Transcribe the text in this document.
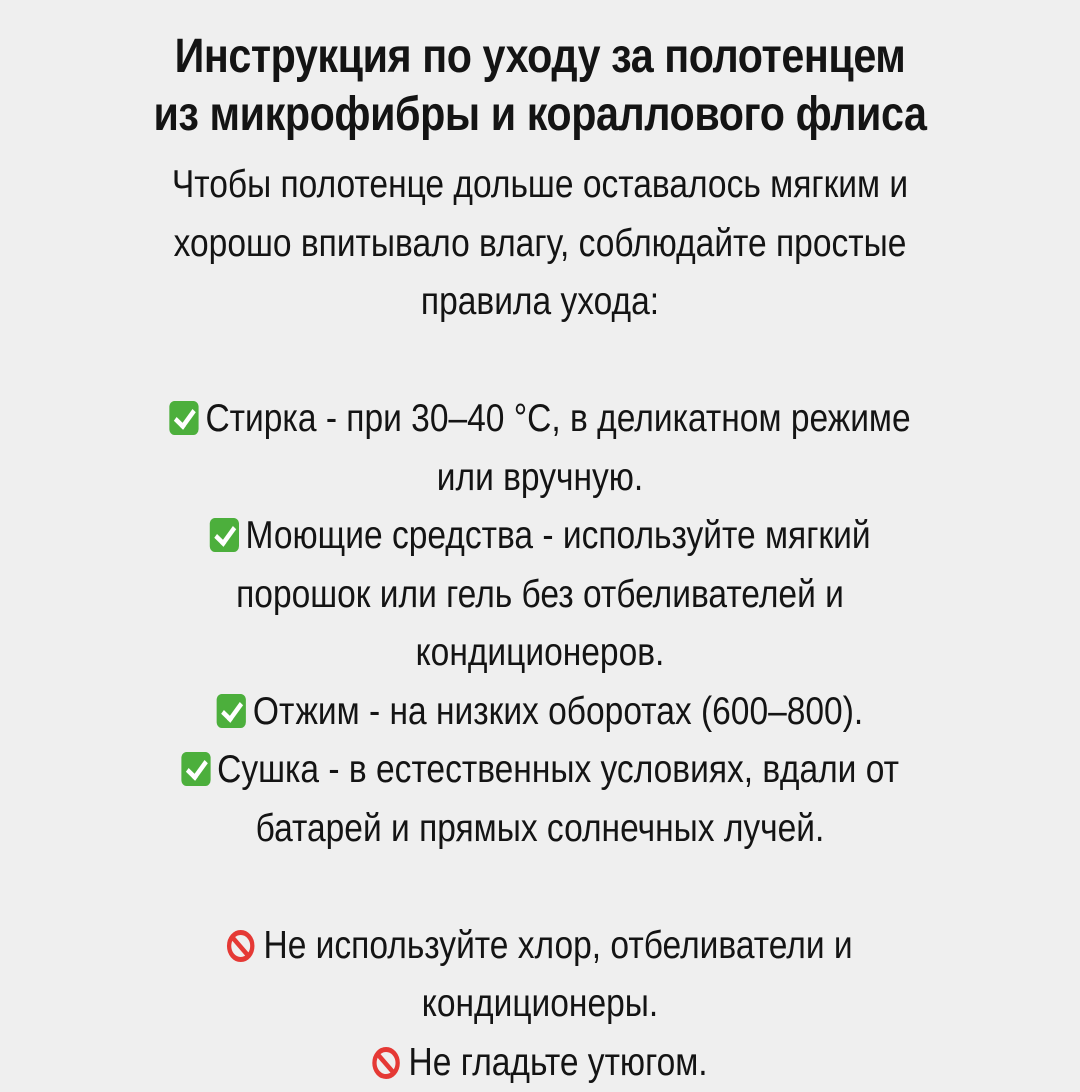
Инструкция по уходу за полотенцем
из микрофибры и кораллового флиса
Чтобы полотенце дольше оставалось мягким и
хорошо впитывало влагу, соблюдайте простые
правила ухода:
Стирка - при 30–40 °С, в деликатном режиме
или вручную.
Моющие средства - используйте мягкий
порошок или гель без отбеливателей и
кондиционеров.
Отжим - на низких оборотах (600–800).
Сушка - в естественных условиях, вдали от
батарей и прямых солнечных лучей.
Не используйте хлор, отбеливатели и
кондиционеры.
Не гладьте утюгом.
